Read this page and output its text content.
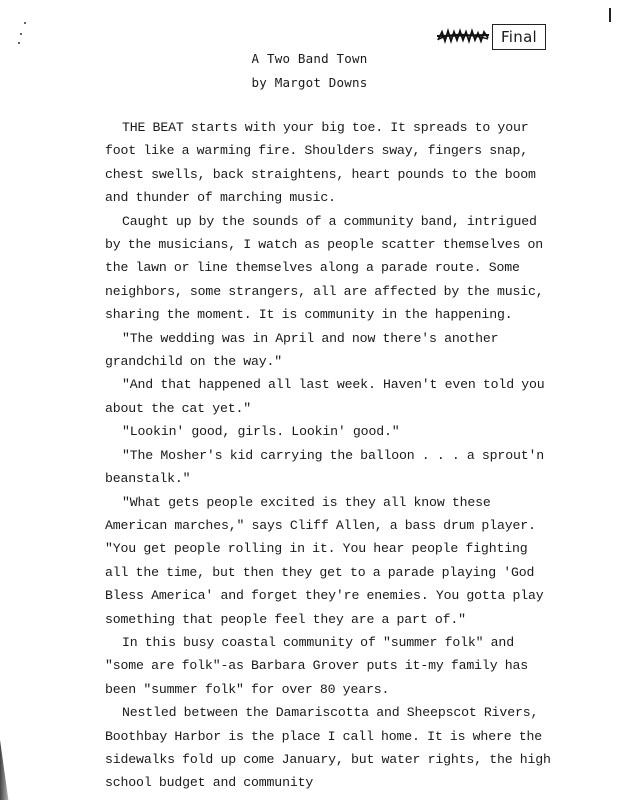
Final
A Two Band Town
by Margot Downs

THE BEAT starts with your big toe. It spreads to your foot like a warming fire. Shoulders sway, fingers snap, chest swells, back straightens, heart pounds to the boom and thunder of marching music.

Caught up by the sounds of a community band, intrigued by the musicians, I watch as people scatter themselves on the lawn or line themselves along a parade route. Some neighbors, some strangers, all are affected by the music, sharing the moment. It is community in the happening.

"The wedding was in April and now there's another grandchild on the way."

"And that happened all last week. Haven't even told you about the cat yet."

"Lookin' good, girls. Lookin' good."

"The Mosher's kid carrying the balloon . . . a sprout'n beanstalk."

"What gets people excited is they all know these American marches," says Cliff Allen, a bass drum player. "You get people rolling in it. You hear people fighting all the time, but then they get to a parade playing 'God Bless America' and forget they're enemies. You gotta play something that people feel they are a part of."

In this busy coastal community of "summer folk" and "some are folk"-as Barbara Grover puts it-my family has been "summer folk" for over 80 years.

Nestled between the Damariscotta and Sheepscot Rivers, Boothbay Harbor is the place I call home. It is where the sidewalks fold up come January, but water rights, the high school budget and community
